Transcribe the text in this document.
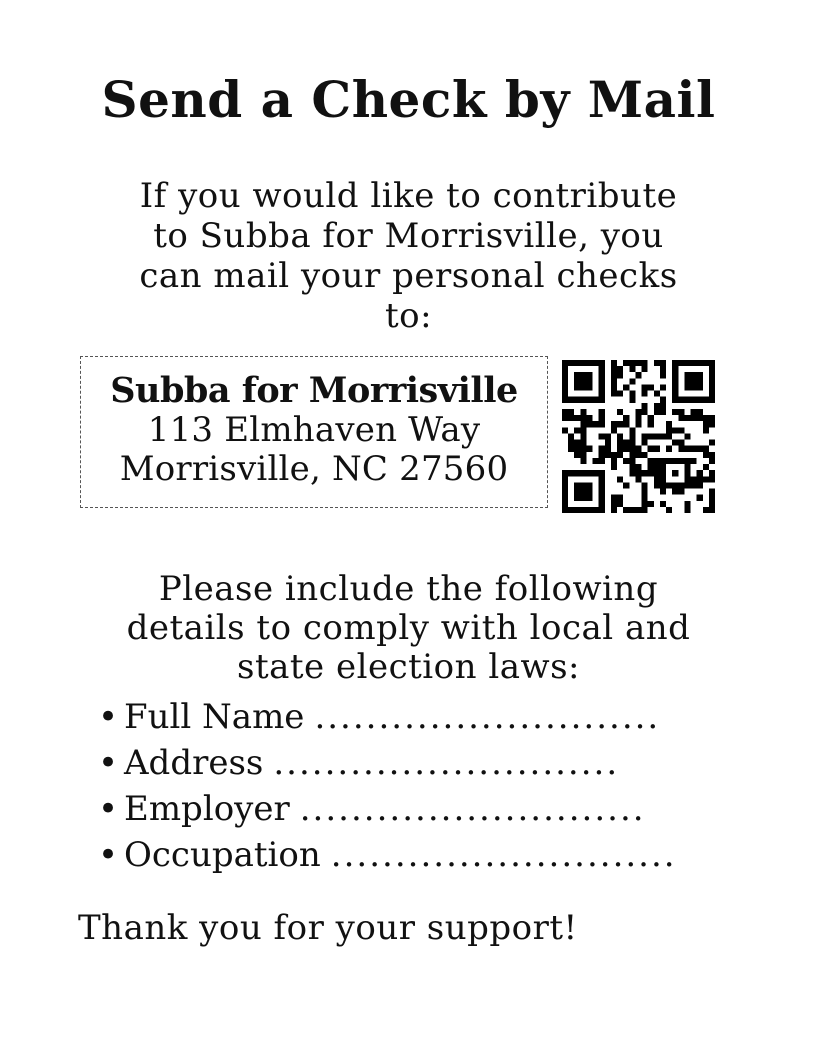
Send a Check by Mail
If you would like to contribute
to Subba for Morrisville, you
can mail your personal checks
to:
Subba for Morrisville
113 Elmhaven Way
Morrisville, NC 27560
Please include the following
details to comply with local and
state election laws:
• Full Name ...........................
• Address ...........................
• Employer ...........................
• Occupation ...........................
Thank you for your support!
